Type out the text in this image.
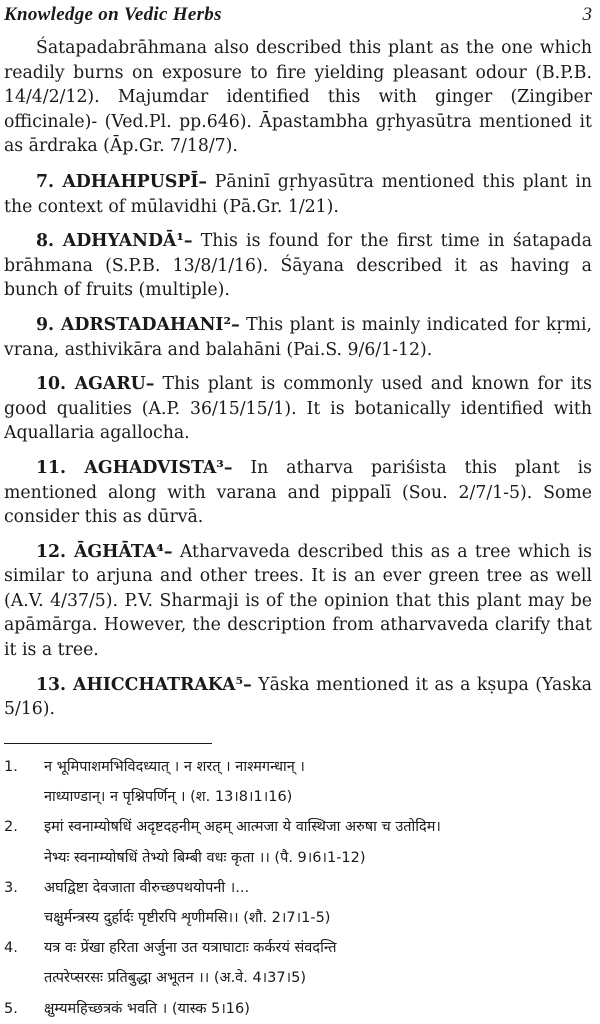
Knowledge on Vedic Herbs	3

Śatapadabrāhmana also described this plant as the one which readily burns on exposure to fire yielding pleasant odour (B.P.B. 14/4/2/12). Majumdar identified this with ginger (Zingiber officinale)- (Ved.Pl. pp.646). Āpastambha gṛhyasūtra mentioned it as ārdraka (Āp.Gr. 7/18/7).

7. ADHAHPUSPĪ– Pāninī gṛhyasūtra mentioned this plant in the context of mūlavidhi (Pā.Gr. 1/21).

8. ADHYANDĀ¹– This is found for the first time in śatapada brāhmana (S.P.B. 13/8/1/16). Śāyana described it as having a bunch of fruits (multiple).

9. ADRSTADAHANI²– This plant is mainly indicated for kṛmi, vrana, asthivikāra and balahāni (Pai.S. 9/6/1-12).

10. AGARU– This plant is commonly used and known for its good qualities (A.P. 36/15/15/1). It is botanically identified with Aquallaria agallocha.

11. AGHADVISTA³– In atharva pariśista this plant is mentioned along with varana and pippalī (Sou. 2/7/1-5). Some consider this as dūrvā.

12. ĀGHĀTA⁴– Atharvaveda described this as a tree which is similar to arjuna and other trees. It is an ever green tree as well (A.V. 4/37/5). P.V. Sharmaji is of the opinion that this plant may be apāmārga. However, the description from atharvaveda clarify that it is a tree.

13. AHICCHATRAKA⁵– Yāska mentioned it as a kṣupa (Yaska 5/16).

1.	न भूमिपाशमभिविदध्यात् । न शरत् । नाश्मगन्धान् ।
नाध्याण्डान्। न पृश्निपर्णिन् । (श. 13।8।1।16)
2.	इमां स्वनाम्योषधिं अदृष्टदहनीम् अहम् आत्मजा ये वास्थिजा अरुषा च उतोदिम।
नेभ्यः स्वनाम्योषधिं तेभ्यो बिम्बी वधः कृता ।। (पै. 9।6।1-12)
3.	अघद्विष्टा देवजाता वीरुच्छपथयोपनी ।...
चक्षुर्मन्त्रस्य दुर्हार्दः पृष्टीरपि शृणीमसि।। (शौ. 2।7।1-5)
4.	यत्र वः प्रेंखा हरिता अर्जुना उत यत्राघाटाः कर्करयं संवदन्ति
तत्परेप्सरसः प्रतिबुद्धा अभूतन ।। (अ.वे. 4।37।5)
5.	क्षुम्यमहिच्छत्रकं भवति । (यास्क 5।16)
